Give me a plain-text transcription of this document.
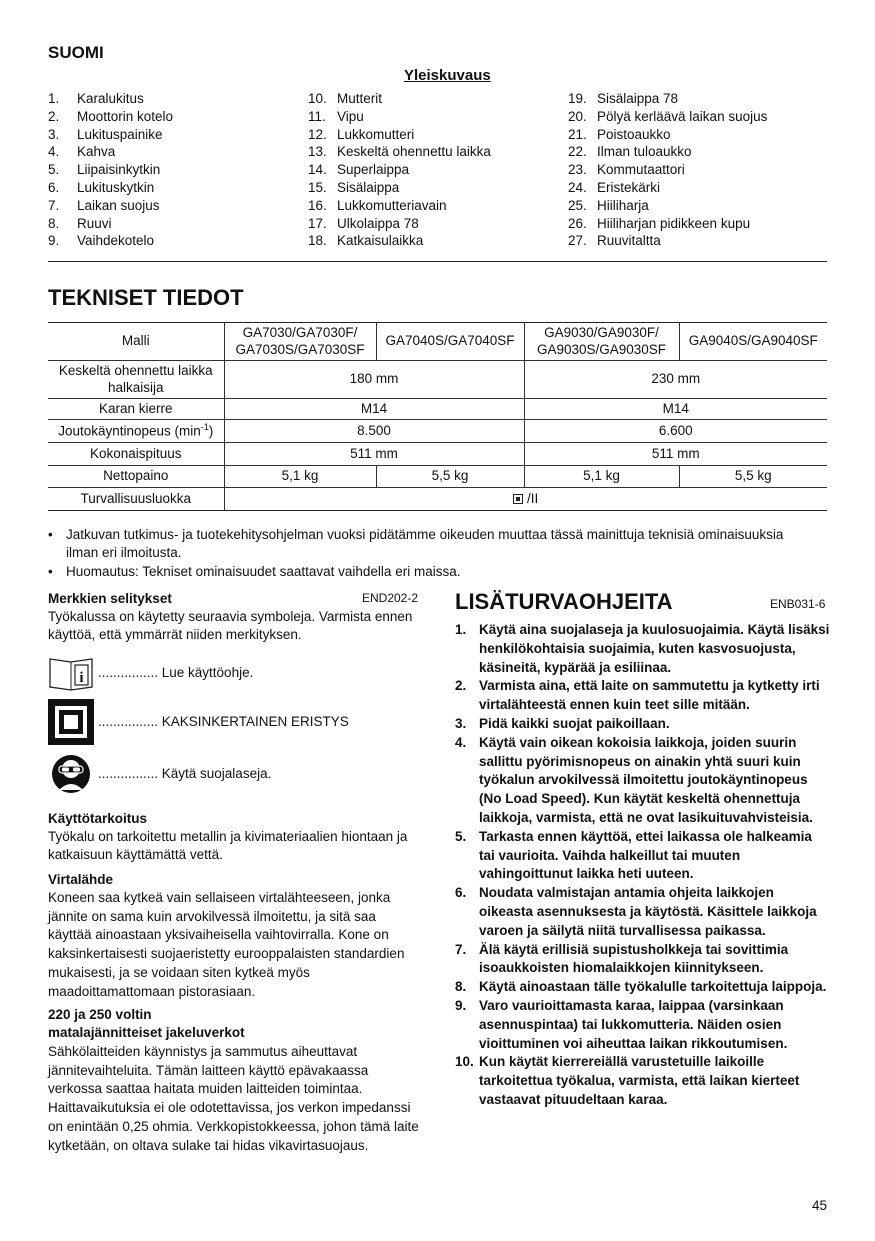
SUOMI
Yleiskuvaus
1. Karalukitus
2. Moottorin kotelo
3. Lukituspainike
4. Kahva
5. Liipaisinkytkin
6. Lukituskytkin
7. Laikan suojus
8. Ruuvi
9. Vaihdekotelo
10. Mutterit
11. Vipu
12. Lukkomutteri
13. Keskeltä ohennettu laikka
14. Superlaippa
15. Sisälaippa
16. Lukkomutteriavain
17. Ulkolaippa 78
18. Katkaisulaikka
19. Sisälaippa 78
20. Pölyä kerläävä laikan suojus
21. Poistoaukko
22. Ilman tuloaukko
23. Kommutaattori
24. Eristekärki
25. Hiiliharja
26. Hiiliharjan pidikkeen kupu
27. Ruuvitaltta
TEKNISET TIEDOT
Malli	GA7030/GA7030F/
GA7030S/GA7030SF	GA7040S/GA7040SF	GA9030/GA9030F/
GA9030S/GA9030SF	GA9040S/GA9040SF
Keskeltä ohennettu laikka
halkaisija	180 mm		230 mm	
Karan kierre	M14		M14	
Joutokäyntinopeus $(\min^{-1})$	8.500		6.600	
Kokonaispituus	511 mm		511 mm	
Nettopaino	5,1 kg	5,5 kg	5,1 kg	5,5 kg
Turvallisuusluokka	/II			
• Jatkuvan tutkimus- ja tuotekehitysohjelman vuoksi pidätämme oikeuden muuttaa tässä mainittuja teknisiä ominaisuuksia ilman eri ilmoitusta.
• Huomautus: Tekniset ominaisuudet saattavat vaihdella eri maissa.
Merkkien selitykset	END202-2
Työkalussa on käytetty seuraavia symboleja. Varmista ennen käyttöä, että ymmärrät niiden merkityksen.
i ................ Lue käyttöohje.
................ KAKSINKERTAINEN ERISTYS
................ Käytä suojalaseja.
Käyttötarkoitus
Työkalu on tarkoitettu metallin ja kivimateriaalien hiontaan ja katkaisuun käyttämättä vettä.
Virtalähde
Koneen saa kytkeä vain sellaiseen virtalähteeseen, jonka jännite on sama kuin arvokilvessä ilmoitettu, ja sitä saa käyttää ainoastaan yksivaiheisella vaihtovirralla. Kone on kaksinkertaisesti suojaeristetty eurooppalaisten standardien mukaisesti, ja se voidaan siten kytkeä myös maadoittamattomaan pistorasiaan.
220 ja 250 voltin
matalajännitteiset jakeluverkot
Sähkölaitteiden käynnistys ja sammutus aiheuttavat jännitevaihteluita. Tämän laitteen käyttö epävakaassa verkossa saattaa haitata muiden laitteiden toimintaa. Haittavaikutuksia ei ole odotettavissa, jos verkon impedanssi on enintään 0,25 ohmia. Verkkopistokkeessa, johon tämä laite kytketään, on oltava sulake tai hidas vikavirtasuojaus.
LISÄTURVAOHJEITA	ENB031-6
1. Käytä aina suojalaseja ja kuulosuojaimia. Käytä lisäksi henkilökohtaisia suojaimia, kuten kasvosuojusta, käsineitä, kypärää ja esiliinaa.
2. Varmista aina, että laite on sammutettu ja kytketty irti virtalähteestä ennen kuin teet sille mitään.
3. Pidä kaikki suojat paikoillaan.
4. Käytä vain oikean kokoisia laikkoja, joiden suurin sallittu pyörimisnopeus on ainakin yhtä suuri kuin työkalun arvokilvessä ilmoitettu joutokäyntinopeus (No Load Speed). Kun käytät keskeltä ohennettuja laikkoja, varmista, että ne ovat lasikuituvahvisteisia.
5. Tarkasta ennen käyttöä, ettei laikassa ole halkeamia tai vaurioita. Vaihda halkeillut tai muuten vahingoittunut laikka heti uuteen.
6. Noudata valmistajan antamia ohjeita laikkojen oikeasta asennuksesta ja käytöstä. Käsittele laikkoja varoen ja säilytä niitä turvallisessa paikassa.
7. Älä käytä erillisiä supistusholkkeja tai sovittimia isoaukkoisten hiomalaikkojen kiinnitykseen.
8. Käytä ainoastaan tälle työkalulle tarkoitettuja laippoja.
9. Varo vaurioittamasta karaa, laippaa (varsinkaan asennuspintaa) tai lukkomutteria. Näiden osien vioittuminen voi aiheuttaa laikan rikkoutumisen.
10. Kun käytät kierrereiällä varustetuille laikoille tarkoitettua työkalua, varmista, että laikan kierteet vastaavat pituudeltaan karaa.
45
